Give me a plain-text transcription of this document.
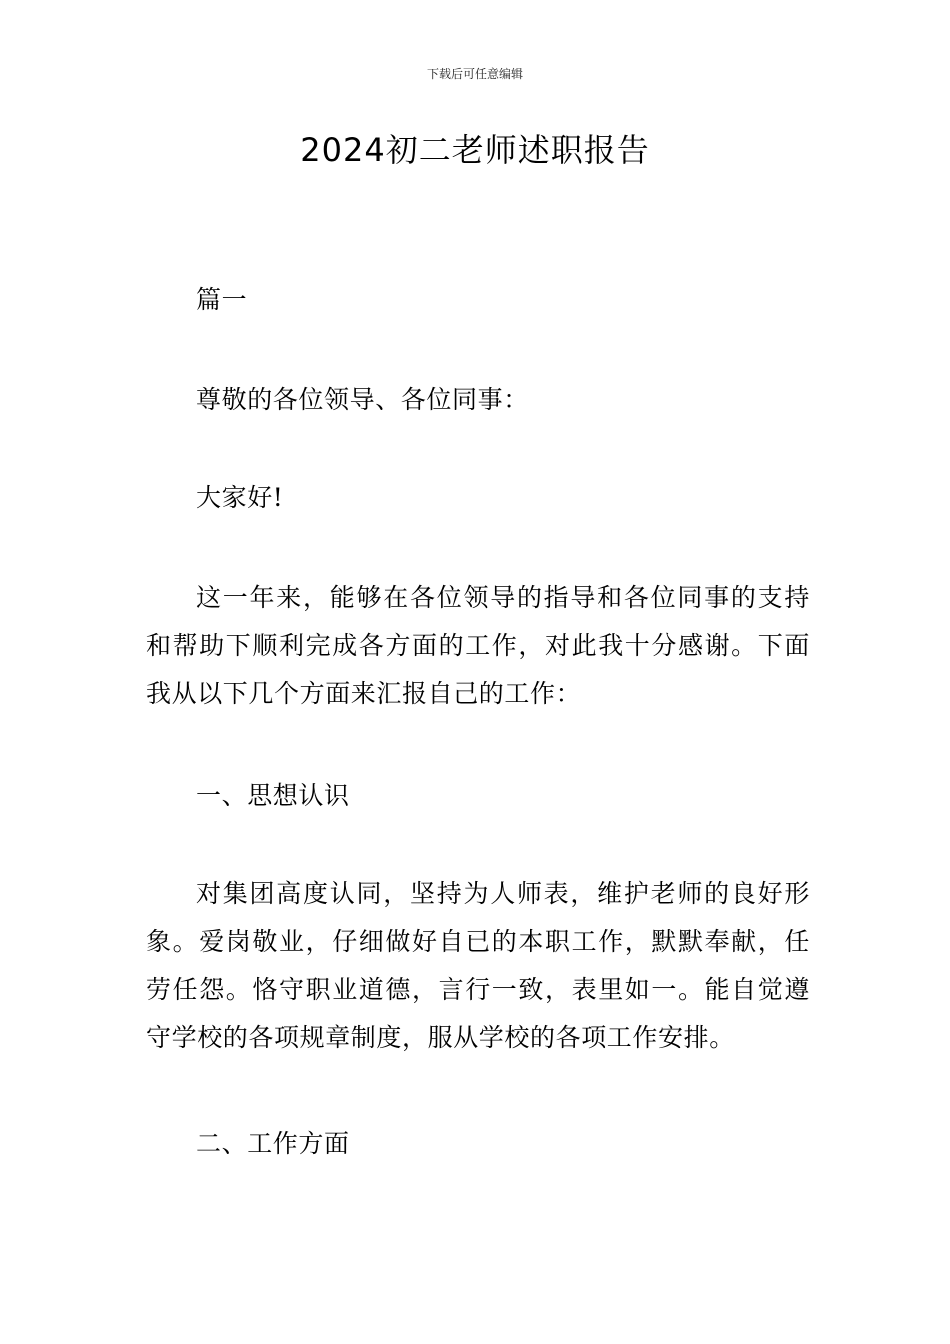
下载后可任意编辑
2024初二老师述职报告

篇一

尊敬的各位领导、各位同事：

大家好!

这一年来，能够在各位领导的指导和各位同事的支持和帮助下顺利完成各方面的工作，对此我十分感谢。下面我从以下几个方面来汇报自己的工作：

一、思想认识

对集团高度认同，坚持为人师表，维护老师的良好形象。爱岗敬业，仔细做好自已的本职工作，默默奉献，任劳任怨。恪守职业道德，言行一致，表里如一。能自觉遵守学校的各项规章制度，服从学校的各项工作安排。

二、工作方面
